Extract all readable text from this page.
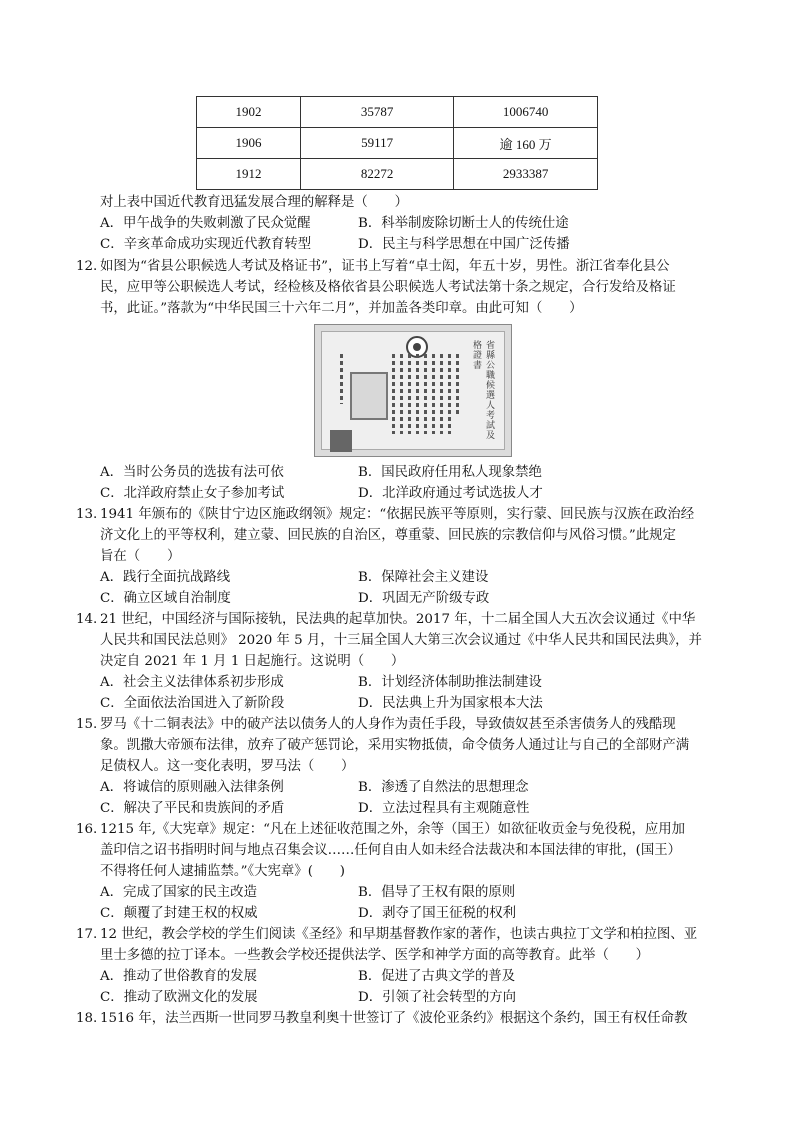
1902	35787	1006740
1906	59117	逾 160 万
1912	82272	2933387
对上表中国近代教育迅猛发展合理的解释是（　　）
A．甲午战争的失败刺激了民众觉醒	B．科举制废除切断士人的传统仕途
C．辛亥革命成功实现近代教育转型	D．民主与科学思想在中国广泛传播
12. 如图为“省县公职候选人考试及格证书”，证书上写着“卓士闳，年五十岁，男性。浙江省奉化县公
民，应甲等公职候选人考试，经检核及格依省县公职候选人考试法第十条之规定，合行发给及格证
书，此证。”落款为“中华民国三十六年二月”，并加盖各类印章。由此可知（　　）
省縣公職候選人考試及格證書
A．当时公务员的选拔有法可依	B．国民政府任用私人现象禁绝
C．北洋政府禁止女子参加考试	D．北洋政府通过考试选拔人才
13. 1941 年颁布的《陕甘宁边区施政纲领》规定：“依据民族平等原则，实行蒙、回民族与汉族在政治经
济文化上的平等权利，建立蒙、回民族的自治区，尊重蒙、回民族的宗教信仰与风俗习惯。”此规定
旨在（　　）
A．践行全面抗战路线	B．保障社会主义建设
C．确立区域自治制度	D．巩固无产阶级专政
14. 21 世纪，中国经济与国际接轨，民法典的起草加快。2017 年，十二届全国人大五次会议通过《中华
人民共和国民法总则》 2020 年 5 月，十三届全国人大第三次会议通过《中华人民共和国民法典》，并
决定自 2021 年 1 月 1 日起施行。这说明（　　）
A．社会主义法律体系初步形成	B．计划经济体制助推法制建设
C．全面依法治国进入了新阶段	D．民法典上升为国家根本大法
15. 罗马《十二铜表法》中的破产法以债务人的人身作为责任手段，导致债奴甚至杀害债务人的残酷现
象。凯撒大帝颁布法律，放弃了破产惩罚论，采用实物抵债，命令债务人通过让与自己的全部财产满
足债权人。这一变化表明，罗马法（　　）
A．将诚信的原则融入法律条例	B．渗透了自然法的思想理念
C．解决了平民和贵族间的矛盾	D．立法过程具有主观随意性
16. 1215 年,《大宪章》规定：“凡在上述征收范围之外，余等（国王）如欲征收贡金与免役税，应用加
盖印信之诏书指明时间与地点召集会议……任何自由人如未经合法裁决和本国法律的审批，(国王）
不得将任何人逮捕监禁。”《大宪章》(　　)
A．完成了国家的民主改造	B．倡导了王权有限的原则
C．颠覆了封建王权的权威	D．剥夺了国王征税的权利
17. 12 世纪，教会学校的学生们阅读《圣经》和早期基督教作家的著作，也读古典拉丁文学和柏拉图、亚
里士多德的拉丁译本。一些教会学校还提供法学、医学和神学方面的高等教育。此举（　　）
A．推动了世俗教育的发展	B．促进了古典文学的普及
C．推动了欧洲文化的发展	D．引领了社会转型的方向
18. 1516 年，法兰西斯一世同罗马教皇利奥十世签订了《波伦亚条约》根据这个条约，国王有权任命教
